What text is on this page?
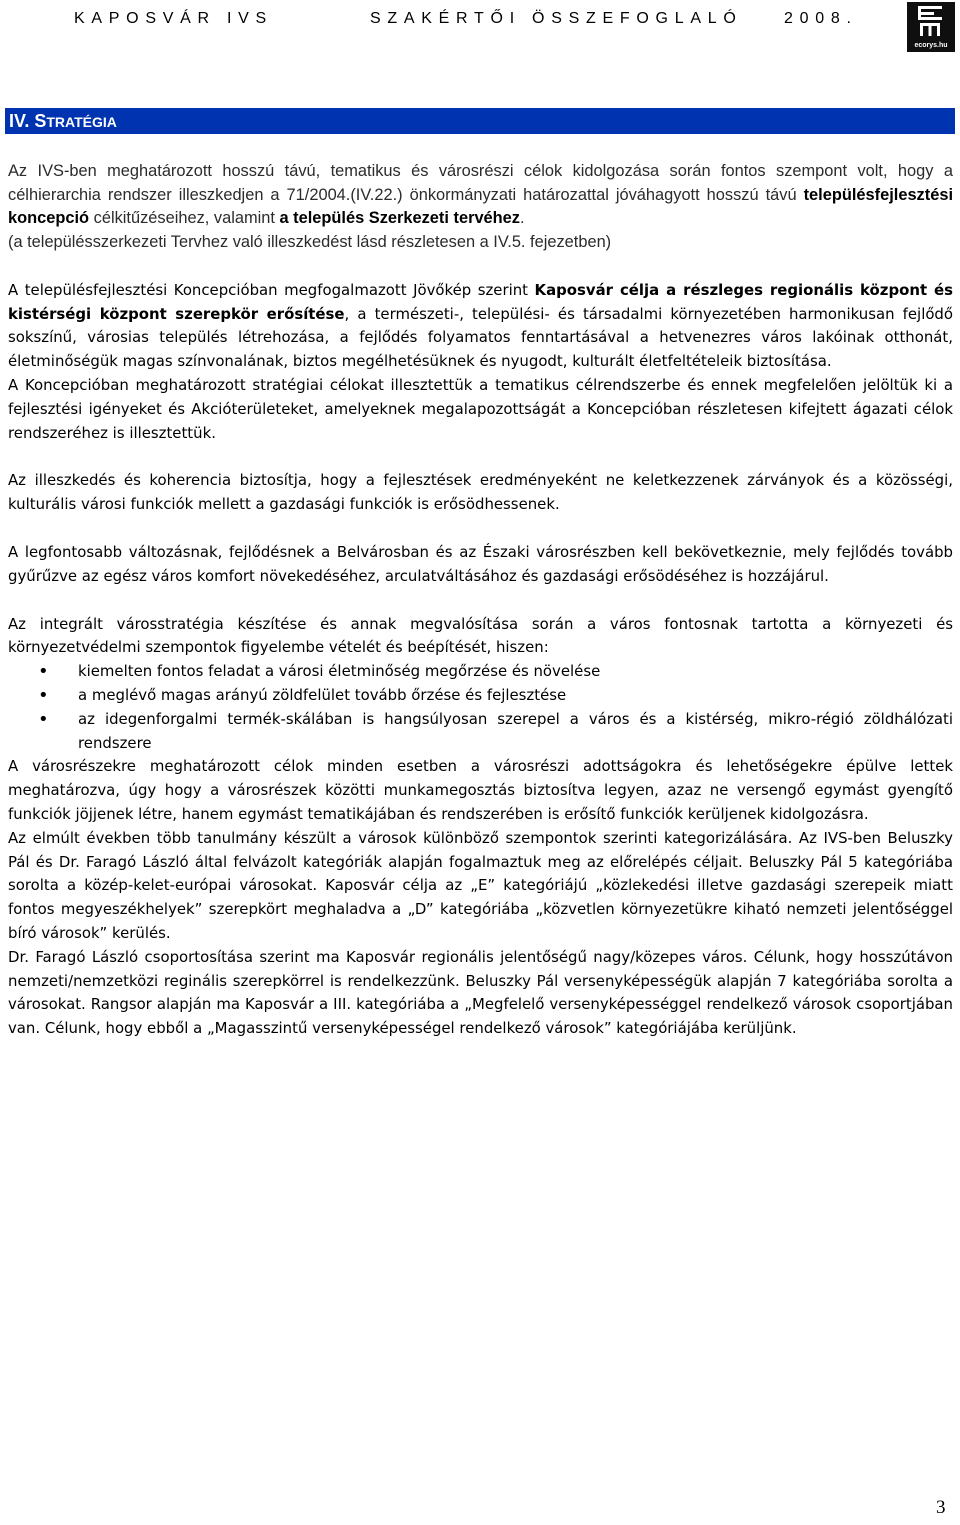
KAPOSVÁR IVS	SZAKÉRTŐI ÖSSZEFOGLALÓ	2008.
ecorys.hu
IV. STRATÉGIA

Az IVS-ben meghatározott hosszú távú, tematikus és városrészi célok kidolgozása során fontos szempont volt, hogy a célhierarchia rendszer illeszkedjen a 71/2004.(IV.22.) önkormányzati határozattal jóváhagyott hosszú távú településfejlesztési koncepció célkitűzéseihez, valamint a település Szerkezeti tervéhez.

(a településszerkezeti Tervhez való illeszkedést lásd részletesen a IV.5. fejezetben)

A településfejlesztési Koncepcióban megfogalmazott Jövőkép szerint Kaposvár célja a részleges regionális központ és kistérségi központ szerepkör erősítése, a természeti-, települési- és társadalmi környezetében harmonikusan fejlődő sokszínű, városias település létrehozása, a fejlődés folyamatos fenntartásával a hetvenezres város lakóinak otthonát, életminőségük magas színvonalának, biztos megélhetésüknek és nyugodt, kulturált életfeltételeik biztosítása.

A Koncepcióban meghatározott stratégiai célokat illesztettük a tematikus célrendszerbe és ennek megfelelően jelöltük ki a fejlesztési igényeket és Akcióterületeket, amelyeknek megalapozottságát a Koncepcióban részletesen kifejtett ágazati célok rendszeréhez is illesztettük.

Az illeszkedés és koherencia biztosítja, hogy a fejlesztések eredményeként ne keletkezzenek zárványok és a közösségi, kulturális városi funkciók mellett a gazdasági funkciók is erősödhessenek.

A legfontosabb változásnak, fejlődésnek a Belvárosban és az Északi városrészben kell bekövetkeznie, mely fejlődés tovább gyűrűzve az egész város komfort növekedéséhez, arculatváltásához és gazdasági erősödéséhez is hozzájárul.

Az integrált városstratégia készítése és annak megvalósítása során a város fontosnak tartotta a környezeti és környezetvédelmi szempontok figyelembe vételét és beépítését, hiszen:

• kiemelten fontos feladat a városi életminőség megőrzése és növelése
• a meglévő magas arányú zöldfelület tovább őrzése és fejlesztése
• az idegenforgalmi termék-skálában is hangsúlyosan szerepel a város és a kistérség, mikro-régió zöldhálózati rendszere

A városrészekre meghatározott célok minden esetben a városrészi adottságokra és lehetőségekre épülve lettek meghatározva, úgy hogy a városrészek közötti munkamegosztás biztosítva legyen, azaz ne versengő egymást gyengítő funkciók jöjjenek létre, hanem egymást tematikájában és rendszerében is erősítő funkciók kerüljenek kidolgozásra.

Az elmúlt években több tanulmány készült a városok különböző szempontok szerinti kategorizálására. Az IVS-ben Beluszky Pál és Dr. Faragó László által felvázolt kategóriák alapján fogalmaztuk meg az előrelépés céljait. Beluszky Pál 5 kategóriába sorolta a közép-kelet-európai városokat. Kaposvár célja az „E” kategóriájú „közlekedési illetve gazdasági szerepeik miatt fontos megyeszékhelyek” szerepkört meghaladva a „D” kategóriába „közvetlen környezetükre kiható nemzeti jelentőséggel bíró városok” kerülés.

Dr. Faragó László csoportosítása szerint ma Kaposvár regionális jelentőségű nagy/közepes város. Célunk, hogy hosszútávon nemzeti/nemzetközi reginális szerepkörrel is rendelkezzünk. Beluszky Pál versenyképességük alapján 7 kategóriába sorolta a városokat. Rangsor alapján ma Kaposvár a III. kategóriába a „Megfelelő versenyképességgel rendelkező városok csoportjában van. Célunk, hogy ebből a „Magasszintű versenyképességel rendelkező városok” kategóriájába kerüljünk.

3
